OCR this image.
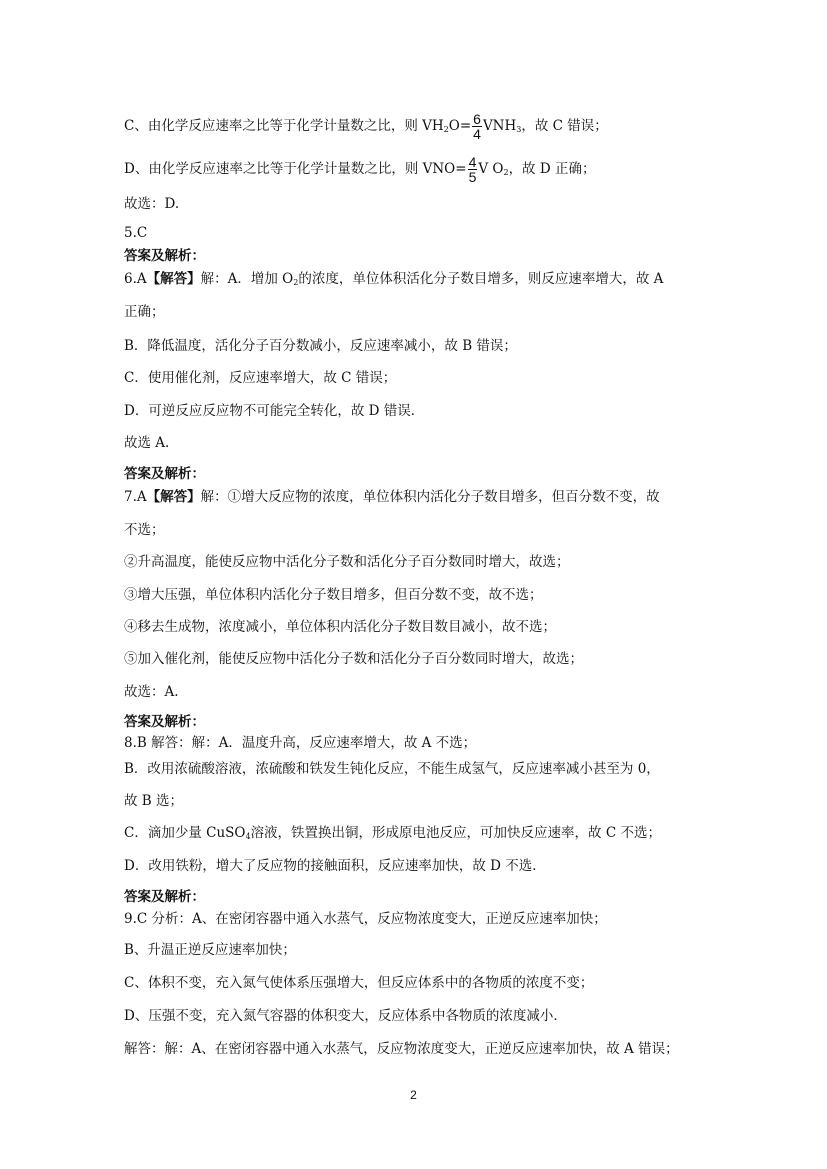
C、由化学反应速率之比等于化学计量数之比，则 $VH_2O= \frac{6}{4} VNH_3$，故 C 错误；
D、由化学反应速率之比等于化学计量数之比，则 $VNO= \frac{4}{5}$ V $O_2$，故 D 正确；
故选：D.
5.C
答案及解析：
6.A【解答】解：A．增加 $O_2$的浓度，单位体积活化分子数目增多，则反应速率增大，故 A
正确；
B．降低温度，活化分子百分数减小，反应速率减小，故 B 错误；
C．使用催化剂，反应速率增大，故 C 错误；
D．可逆反应反应物不可能完全转化，故 D 错误．
故选 A.
答案及解析：
7.A【解答】解：①增大反应物的浓度，单位体积内活化分子数目增多，但百分数不变，故
不选；
②升高温度，能使反应物中活化分子数和活化分子百分数同时增大，故选；
③增大压强，单位体积内活化分子数目增多，但百分数不变，故不选；
④移去生成物，浓度减小，单位体积内活化分子数目数目减小，故不选；
⑤加入催化剂，能使反应物中活化分子数和活化分子百分数同时增大，故选；
故选：A.
答案及解析：
8.B 解答：解：A．温度升高，反应速率增大，故 A 不选；
B．改用浓硫酸溶液，浓硫酸和铁发生钝化反应，不能生成氢气，反应速率减小甚至为 0，
故 B 选；
C．滴加少量 CuSO$_4$溶液，铁置换出铜，形成原电池反应，可加快反应速率，故 C 不选；
D．改用铁粉，增大了反应物的接触面积，反应速率加快，故 D 不选．
答案及解析：
9.C 分析：A、在密闭容器中通入水蒸气，反应物浓度变大，正逆反应速率加快；
B、升温正逆反应速率加快；
C、体积不变，充入氮气使体系压强增大，但反应体系中的各物质的浓度不变；
D、压强不变，充入氮气容器的体积变大，反应体系中各物质的浓度减小．
解答：解：A、在密闭容器中通入水蒸气，反应物浓度变大，正逆反应速率加快，故 A 错误；
2
